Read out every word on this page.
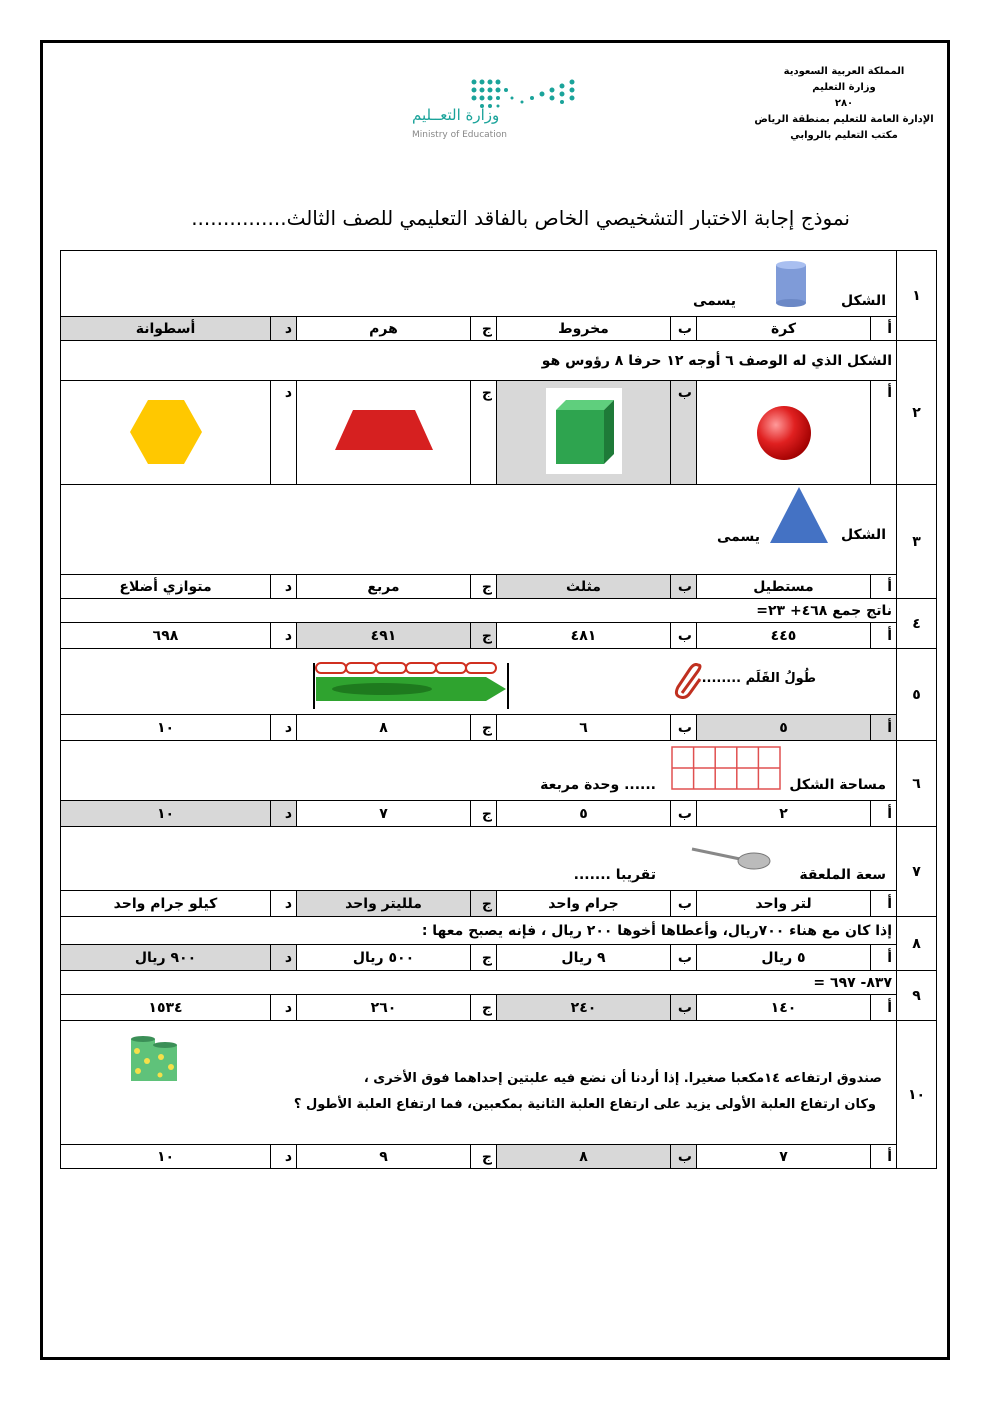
المملكة العربية السعودية
وزارة التعليم
٢٨٠
الإدارة العامة للتعليم بمنطقة الرياض
مكتب التعليم بالروابي
وزارة التعــليم
Ministry of Education
نموذج إجابة الاختبار التشخيصي الخاص بالفاقد التعليمي للصف الثالث...............
١	الشكل
يسمى							

	أ	كرة	ب	مخروط	ج	هرم	د	أسطوانة
٢	الشكل الذي له الوصف ٦ أوجه ١٢ حرفا ٨ رؤوس هو							
	أ		ب		ج		د	
٣	الشكل
يسمى							

	أ	مستطيل	ب	مثلث	ج	مربع	د	متوازي أضلاع
٤	ناتج جمع ٤٦٨+ ٢٣=							
	أ	٤٤٥	ب	٤٨١	ج	٤٩١	د	٦٩٨
٥	طُولُ القَلَم .........							

	أ	٥	ب	٦	ج	٨	د	١٠
٦	مساحة الشكل
...... وحدة مربعة							

	أ	٢	ب	٥	ج	٧	د	١٠
٧	سعة الملعقة
تقريبا .......							

	أ	لتر واحد	ب	جرام واحد	ج	ملليتر واحد	د	كيلو جرام واحد
٨	إذا كان مع هناء ٧٠٠ريال، وأعطاها أخوها ٢٠٠ ريال ، فإنه يصبح معها :							
	أ	٥ ريال	ب	٩ ريال	ج	٥٠٠ ريال	د	٩٠٠ ريال
٩	٨٣٧- ٦٩٧ =							
	أ	١٤٠	ب	٢٤٠	ج	٢٦٠	د	١٥٣٤
١٠	صندوق ارتفاعه ١٤مكعبا صغيرا. إذا أردنا أن نضع فيه علبتين إحداهما فوق الأخرى ،
وكان ارتفاع العلبة الأولى يزيد على ارتفاع العلبة الثانية بمكعبين، فما ارتفاع العلبة الأطول ؟							

	أ	٧	ب	٨	ج	٩	د	١٠
